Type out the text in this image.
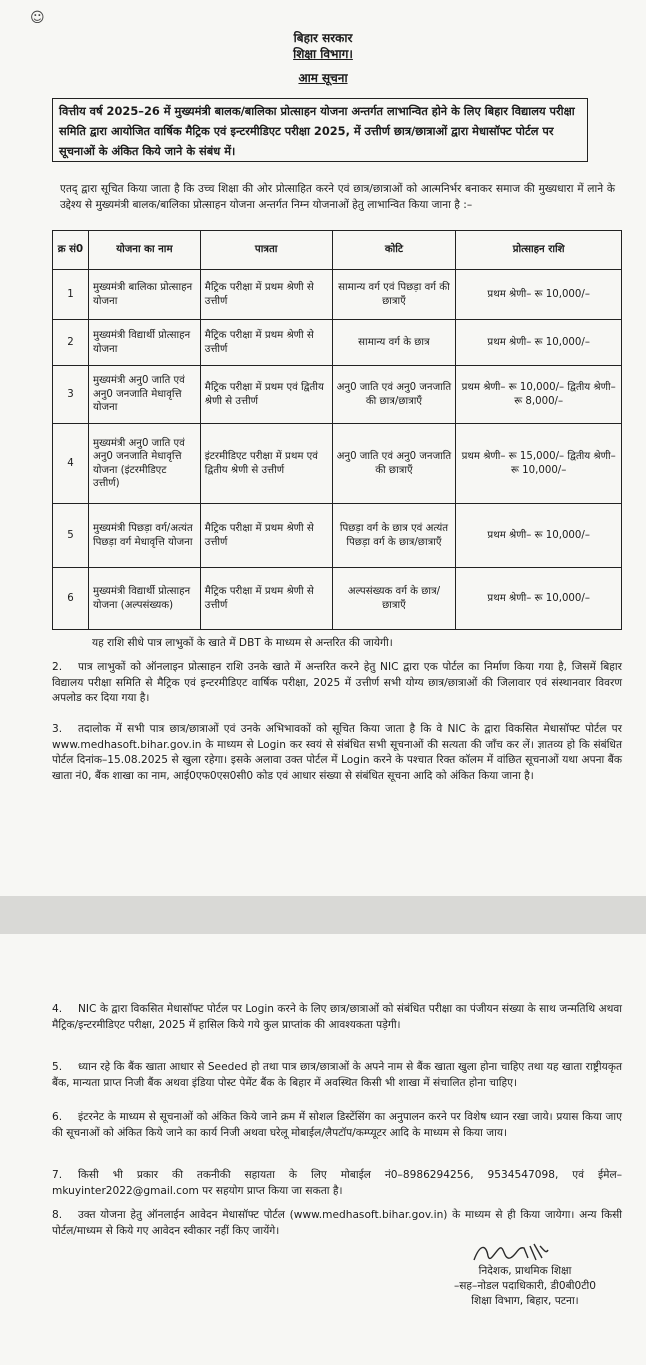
☺
बिहार सरकार
शिक्षा विभाग।
आम सूचना
वित्तीय वर्ष 2025–26 में मुख्यमंत्री बालक/बालिका प्रोत्साहन योजना अन्तर्गत लाभान्वित होने के लिए बिहार विद्यालय परीक्षा समिति द्वारा आयोजित वार्षिक मैट्रिक एवं इन्टरमीडिएट परीक्षा 2025, में उत्तीर्ण छात्र/छात्राओं द्वारा मेधासॉफ्ट पोर्टल पर सूचनाओं के अंकित किये जाने के संबंध में।
एतद् द्वारा सूचित किया जाता है कि उच्च शिक्षा की ओर प्रोत्साहित करने एवं छात्र/छात्राओं को आत्मनिर्भर बनाकर समाज की मुख्यधारा में लाने के उद्देश्य से मुख्यमंत्री बालक/बालिका प्रोत्साहन योजना अन्तर्गत निम्न योजनाओं हेतु लाभान्वित किया जाना है :–
क्र सं0	योजना का नाम	पात्रता	कोटि	प्रोत्साहन राशि
1	मुख्यमंत्री बालिका प्रोत्साहन योजना	मैट्रिक परीक्षा में प्रथम श्रेणी से उत्तीर्ण	सामान्य वर्ग एवं पिछड़ा वर्ग की छात्राएँ	प्रथम श्रेणी– रू 10,000/–
2	मुख्यमंत्री विद्यार्थी प्रोत्साहन योजना	मैट्रिक परीक्षा में प्रथम श्रेणी से उत्तीर्ण	सामान्य वर्ग के छात्र	प्रथम श्रेणी– रू 10,000/–
3	मुख्यमंत्री अनु0 जाति एवं अनु0 जनजाति मेधावृत्ति योजना	मैट्रिक परीक्षा में प्रथम एवं द्वितीय श्रेणी से उत्तीर्ण	अनु0 जाति एवं अनु0 जनजाति की छात्र/छात्राएँ	प्रथम श्रेणी– रू 10,000/– द्वितीय श्रेणी– रू 8,000/–
4	मुख्यमंत्री अनु0 जाति एवं अनु0 जनजाति मेधावृत्ति योजना (इंटरमीडिएट उत्तीर्ण)	इंटरमीडिएट परीक्षा में प्रथम एवं द्वितीय श्रेणी से उत्तीर्ण	अनु0 जाति एवं अनु0 जनजाति की छात्राएँ	प्रथम श्रेणी– रू 15,000/– द्वितीय श्रेणी– रू 10,000/–
5	मुख्यमंत्री पिछड़ा वर्ग/अत्यंत पिछड़ा वर्ग मेधावृत्ति योजना	मैट्रिक परीक्षा में प्रथम श्रेणी से उत्तीर्ण	पिछड़ा वर्ग के छात्र एवं अत्यंत पिछड़ा वर्ग के छात्र/छात्राएँ	प्रथम श्रेणी– रू 10,000/–
6	मुख्यमंत्री विद्यार्थी प्रोत्साहन योजना (अल्पसंख्यक)	मैट्रिक परीक्षा में प्रथम श्रेणी से उत्तीर्ण	अल्पसंख्यक वर्ग के छात्र/छात्राएँ	प्रथम श्रेणी– रू 10,000/–
यह राशि सीधे पात्र लाभुकों के खाते में DBT के माध्यम से अन्तरित की जायेगी।
2. पात्र लाभुकों को ऑनलाइन प्रोत्साहन राशि उनके खाते में अन्तरित करने हेतु NIC द्वारा एक पोर्टल का निर्माण किया गया है, जिसमें बिहार विद्यालय परीक्षा समिति से मैट्रिक एवं इन्टरमीडिएट वार्षिक परीक्षा, 2025 में उत्तीर्ण सभी योग्य छात्र/छात्राओं की जिलावार एवं संस्थानवार विवरण अपलोड कर दिया गया है।
3. तदालोक में सभी पात्र छात्र/छात्राओं एवं उनके अभिभावकों को सूचित किया जाता है कि वे NIC के द्वारा विकसित मेधासॉफ्ट पोर्टल पर www.medhasoft.bihar.gov.in के माध्यम से Login कर स्वयं से संबंधित सभी सूचनाओं की सत्यता की जाँच कर लें। ज्ञातव्य हो कि संबंधित पोर्टल दिनांक–15.08.2025 से खुला रहेगा। इसके अलावा उक्त पोर्टल में Login करने के पश्चात रिक्त कॉलम में वांछित सूचनाओं यथा अपना बैंक खाता नं0, बैंक शाखा का नाम, आई0एफ0एस0सी0 कोड एवं आधार संख्या से संबंधित सूचना आदि को अंकित किया जाना है।
4. NIC के द्वारा विकसित मेधासॉफ्ट पोर्टल पर Login करने के लिए छात्र/छात्राओं को संबंधित परीक्षा का पंजीयन संख्या के साथ जन्मतिथि अथवा मैट्रिक/इन्टरमीडिएट परीक्षा, 2025 में हासिल किये गये कुल प्राप्तांक की आवश्यकता पड़ेगी।
5. ध्यान रहे कि बैंक खाता आधार से Seeded हो तथा पात्र छात्र/छात्राओं के अपने नाम से बैंक खाता खुला होना चाहिए तथा यह खाता राष्ट्रीयकृत बैंक, मान्यता प्राप्त निजी बैंक अथवा इंडिया पोस्ट पेमेंट बैंक के बिहार में अवस्थित किसी भी शाखा में संचालित होना चाहिए।
6. इंटरनेट के माध्यम से सूचनाओं को अंकित किये जाने क्रम में सोशल डिस्टेंसिंग का अनुपालन करने पर विशेष ध्यान रखा जाये। प्रयास किया जाए की सूचनाओं को अंकित किये जाने का कार्य निजी अथवा घरेलू मोबाईल/लैपटॉप/कम्प्यूटर आदि के माध्यम से किया जाय।
7. किसी भी प्रकार की तकनीकी सहायता के लिए मोबाईल नं0–8986294256, 9534547098, एवं ईमेल–mkuyinter2022@gmail.com पर सहयोग प्राप्त किया जा सकता है।
8. उक्त योजना हेतु ऑनलाईन आवेदन मेधासॉफ्ट पोर्टल (www.medhasoft.bihar.gov.in) के माध्यम से ही किया जायेगा। अन्य किसी पोर्टल/माध्यम से किये गए आवेदन स्वीकार नहीं किए जायेंगे।
निदेशक, प्राथमिक शिक्षा
–सह–नोडल पदाधिकारी, डी0बी0टी0
शिक्षा विभाग, बिहार, पटना।
